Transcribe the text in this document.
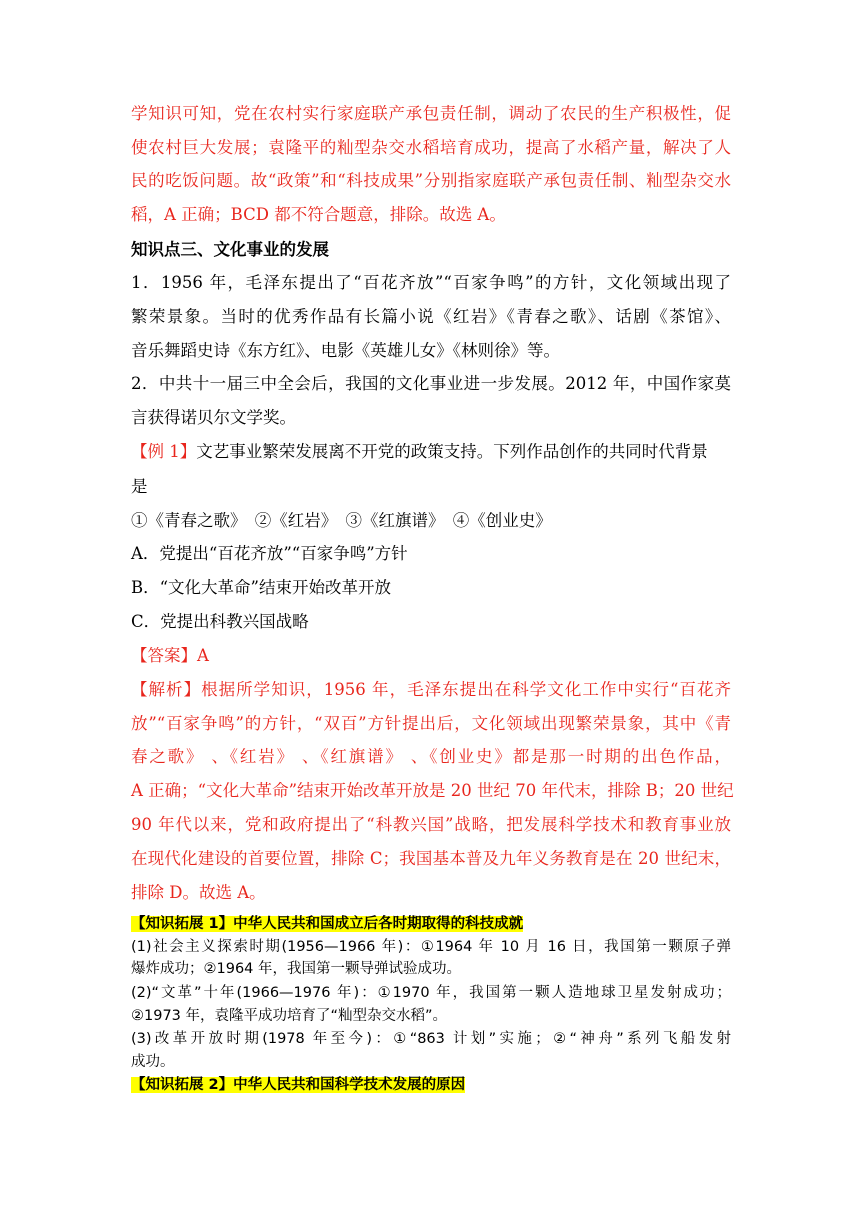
学知识可知，党在农村实行家庭联产承包责任制，调动了农民的生产积极性，促
使农村巨大发展；袁隆平的籼型杂交水稻培育成功，提高了水稻产量，解决了人
民的吃饭问题。故“政策”和“科技成果”分别指家庭联产承包责任制、籼型杂交水
稻，A 正确；BCD 都不符合题意，排除。故选 A。
知识点三、文化事业的发展
1．1956 年，毛泽东提出了“百花齐放”“百家争鸣”的方针，文化领域出现了
繁荣景象。当时的优秀作品有长篇小说《红岩》《青春之歌》、话剧《茶馆》、
音乐舞蹈史诗《东方红》、电影《英雄儿女》《林则徐》等。
2．中共十一届三中全会后，我国的文化事业进一步发展。2012 年，中国作家莫
言获得诺贝尔文学奖。
【例 1】文艺事业繁荣发展离不开党的政策支持。下列作品创作的共同时代背景
是
①《青春之歌》　②《红岩》　③《红旗谱》　④《创业史》
A．党提出“百花齐放”“百家争鸣”方针
B．“文化大革命”结束开始改革开放
C．党提出科教兴国战略
【答案】A
【解析】根据所学知识，1956 年，毛泽东提出在科学文化工作中实行“百花齐
放”“百家争鸣”的方针，“双百”方针提出后，文化领域出现繁荣景象，其中《青
春之歌》 、《红岩》 、《红旗谱》 、《创业史》都是那一时期的出色作品，
A 正确；“文化大革命”结束开始改革开放是 20 世纪 70 年代末，排除 B；20 世纪
90 年代以来，党和政府提出了“科教兴国”战略，把发展科学技术和教育事业放
在现代化建设的首要位置，排除 C；我国基本普及九年义务教育是在 20 世纪末，
排除 D。故选 A。
【知识拓展 1】中华人民共和国成立后各时期取得的科技成就
(1)社会主义探索时期(1956—1966 年)：①1964 年 10 月 16 日，我国第一颗原子弹
爆炸成功；②1964 年，我国第一颗导弹试验成功。
(2)“文革”十年(1966—1976 年)：①1970 年，我国第一颗人造地球卫星发射成功；
②1973 年，袁隆平成功培育了“籼型杂交水稻”。
(3)改革开放时期(1978 年至今)：①“863 计划”实施；②“神舟”系列飞船发射
成功。
【知识拓展 2】中华人民共和国科学技术发展的原因
